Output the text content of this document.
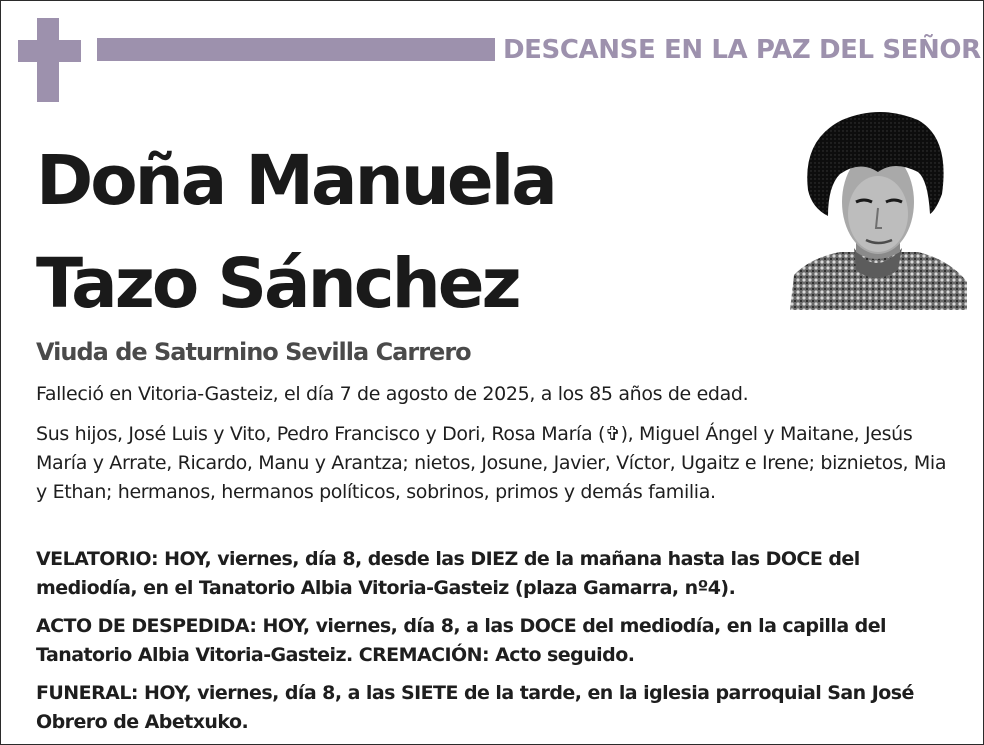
DESCANSE EN LA PAZ DEL SEÑOR
Doña Manuela
Tazo Sánchez
Viuda de Saturnino Sevilla Carrero
Falleció en Vitoria-Gasteiz, el día 7 de agosto de 2025, a los 85 años de edad.
Sus hijos, José Luis y Vito, Pedro Francisco y Dori, Rosa María (✞), Miguel Ángel y Maitane, Jesús María y Arrate, Ricardo, Manu y Arantza; nietos, Josune, Javier, Víctor, Ugaitz e Irene; biznietos, Mia y Ethan; hermanos, hermanos políticos, sobrinos, primos y demás familia.
VELATORIO: HOY, viernes, día 8, desde las DIEZ de la mañana hasta las DOCE del mediodía, en el Tanatorio Albia Vitoria-Gasteiz (plaza Gamarra, nº4).
ACTO DE DESPEDIDA: HOY, viernes, día 8, a las DOCE del mediodía, en la capilla del Tanatorio Albia Vitoria-Gasteiz. CREMACIÓN: Acto seguido.
FUNERAL: HOY, viernes, día 8, a las SIETE de la tarde, en la iglesia parroquial San José Obrero de Abetxuko.
